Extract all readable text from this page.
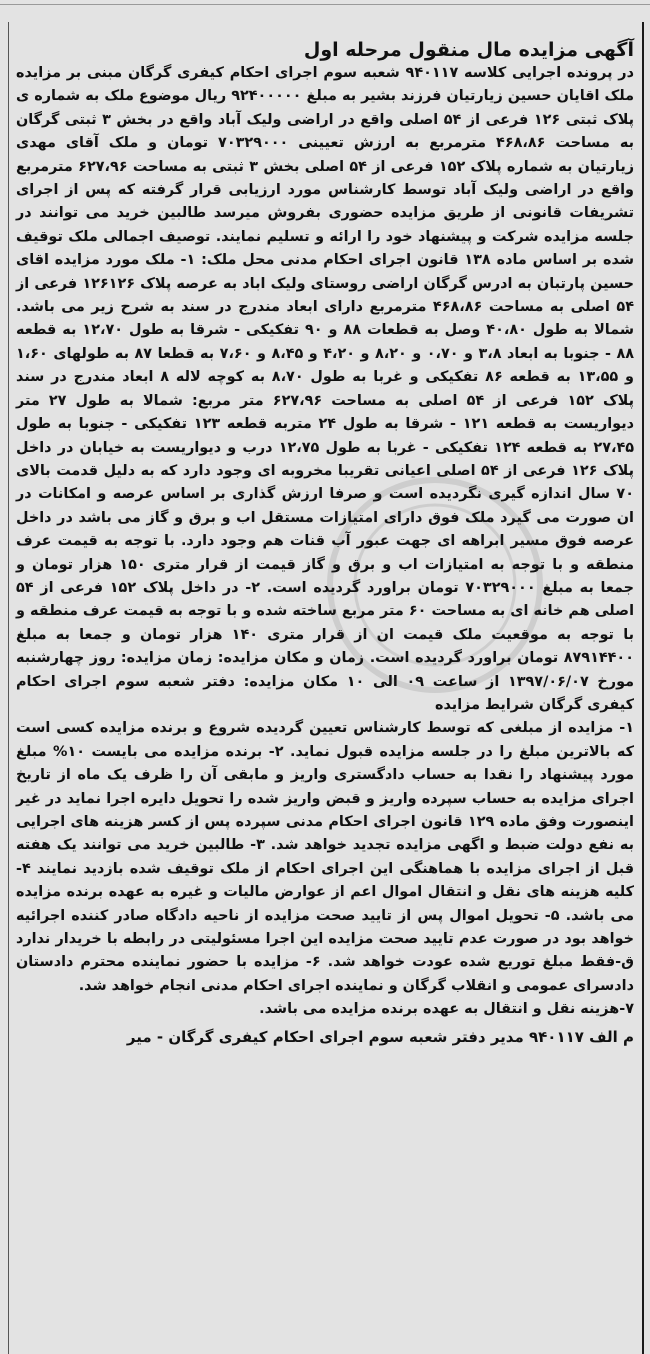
آگهی مزایده مال منقول مرحله اول

در پرونده اجرایی کلاسه ۹۴۰۱۱۷ شعبه سوم اجرای احکام کیفری گرگان مبنی بر مزایده ملک اقایان حسین زیارتیان فرزند بشیر به مبلغ ۹۲۴۰۰۰۰۰ ریال موضوع ملک به شماره ی پلاک ثبتی ۱۲۶ فرعی از ۵۴ اصلی واقع در اراضی ولیک آباد واقع در بخش ۳ ثبتی گرگان به مساحت ۴۶۸،۸۶ مترمربع به ارزش تعیینی ۷۰۳۲۹۰۰۰ تومان و ملک آقای مهدی زیارتیان به شماره پلاک ۱۵۲ فرعی از ۵۴ اصلی بخش ۳ ثبتی به مساحت ۶۲۷،۹۶ مترمربع واقع در اراضی ولیک آباد توسط کارشناس مورد ارزیابی قرار گرفته که پس از اجرای تشریفات قانونی از طریق مزایده حضوری بفروش میرسد طالبین خرید می توانند در جلسه مزایده شرکت و پیشنهاد خود را ارائه و تسلیم نمایند. توصیف اجمالی ملک توقیف شده بر اساس ماده ۱۳۸ قانون اجرای احکام مدنی محل ملک: ۱- ملک مورد مزایده اقای حسین پارتبان به ادرس گرگان اراضی روستای ولیک اباد به عرصه پلاک ۱۲۶۱۲۶ فرعی از ۵۴ اصلی به مساحت ۴۶۸،۸۶ مترمربع دارای ابعاد مندرج در سند به شرح زیر می باشد. شمالا به طول ۴۰،۸۰ وصل به قطعات ۸۸ و ۹۰ تفکیکی - شرقا به طول ۱۲،۷۰ به قطعه ۸۸ - جنوبا به ابعاد ۳،۸ و ۰،۷۰ و ۸،۲۰ و ۴،۲۰ و ۸،۴۵ و ۷،۶۰ به قطعا ۸۷ به طولهای ۱،۶۰ و ۱۳،۵۵ به قطعه ۸۶ تفکیکی و غربا به طول ۸،۷۰ به کوچه لاله ۸ ابعاد مندرج در سند پلاک ۱۵۲ فرعی از ۵۴ اصلی به مساحت ۶۲۷،۹۶ متر مربع: شمالا به طول ۲۷ متر دیواریست به قطعه ۱۲۱ - شرقا به طول ۲۴ متربه قطعه ۱۲۳ تفکیکی - جنوبا به طول ۲۷،۴۵ به قطعه ۱۲۴ تفکیکی - غربا به طول ۱۲،۷۵ درب و دیواریست به خیابان در داخل پلاک ۱۲۶ فرعی از ۵۴ اصلی اعیانی تقریبا مخروبه ای وجود دارد که به دلیل قدمت بالای ۷۰ سال اندازه گیری نگردیده است و صرفا ارزش گذاری بر اساس عرصه و امکانات در ان صورت می گیرد ملک فوق دارای امتیازات مستقل اب و برق و گاز می باشد در داخل عرصه فوق مسیر ابراهه ای جهت عبور آب قنات هم وجود دارد. با توجه به قیمت عرف منطقه و با توجه به امتیازات اب و برق و گاز قیمت از قرار متری ۱۵۰ هزار تومان و جمعا به مبلغ ۷۰۳۲۹۰۰۰ تومان براورد گردیده است. ۲- در داخل پلاک ۱۵۲ فرعی از ۵۴ اصلی هم خانه ای به مساحت ۶۰ متر مربع ساخته شده و با توجه به قیمت عرف منطقه و با توجه به موقعیت ملک قیمت ان از قرار متری ۱۴۰ هزار تومان و جمعا به مبلغ ۸۷۹۱۴۴۰۰ تومان براورد گردیده است. زمان و مکان مزایده: زمان مزایده: روز چهارشنبه مورخ ۱۳۹۷/۰۶/۰۷ از ساعت ۰۹ الی ۱۰ مکان مزایده: دفتر شعبه سوم اجرای احکام کیفری گرگان شرایط مزایده

۱- مزایده از مبلغی که توسط کارشناس تعیین گردیده شروع و برنده مزایده کسی است که بالاترین مبلغ را در جلسه مزایده قبول نماید. ۲- برنده مزایده می بایست ۱۰% مبلغ مورد پیشنهاد را نقدا به حساب دادگستری واریز و مابقی آن را ظرف یک ماه از تاریخ اجرای مزایده به حساب سپرده واریز و قبض واریز شده را تحویل دایره اجرا نماید در غیر اینصورت وفق ماده ۱۲۹ قانون اجرای احکام مدنی سپرده پس از کسر هزینه های اجرایی به نفع دولت ضبط و اگهی مزایده تجدید خواهد شد. ۳- طالبین خرید می توانند یک هفته قبل از اجرای مزایده با هماهنگی این اجرای احکام از ملک توقیف شده بازدید نمایند ۴- کلیه هزینه های نقل و انتقال اموال اعم از عوارض مالیات و غیره به عهده برنده مزایده می باشد. ۵- تحویل اموال پس از تایید صحت مزایده از ناحیه دادگاه صادر کننده اجرائیه خواهد بود در صورت عدم تایید صحت مزایده این اجرا مسئولیتی در رابطه با خریدار ندارد ق-فقط مبلغ توریع شده عودت خواهد شد. ۶- مزایده با حضور نماینده محترم دادستان دادسرای عمومی و انقلاب گرگان و نماینده اجرای احکام مدنی انجام خواهد شد.

۷-هزینه نقل و انتقال به عهده برنده مزایده می باشد.

م الف ۹۴۰۱۱۷ مدیر دفتر شعبه سوم اجرای احکام کیفری گرگان - میر
